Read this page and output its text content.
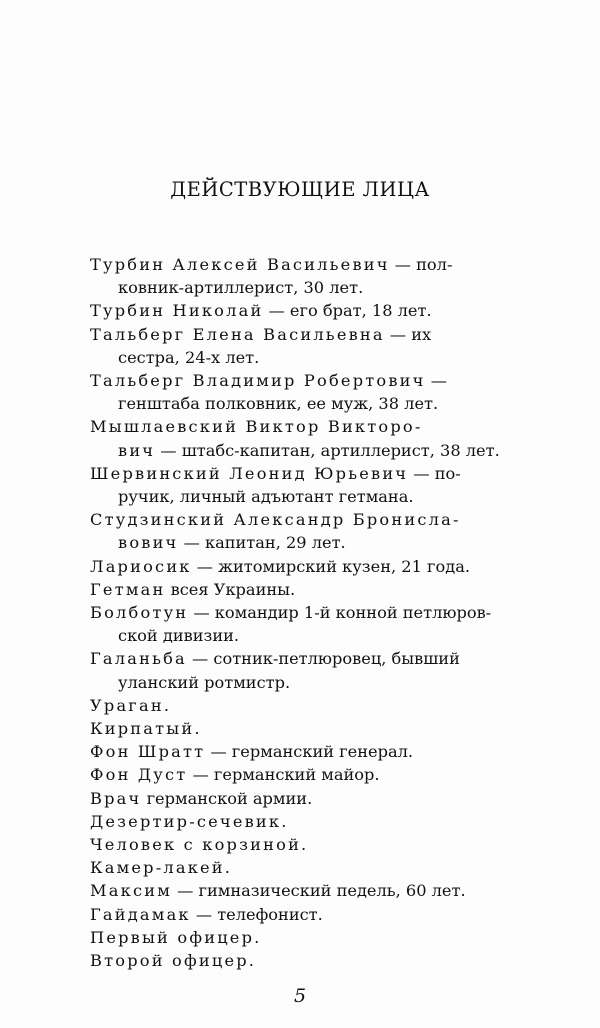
ДЕЙСТВУЮЩИЕ ЛИЦА
Турбин Алексей Васильевич — пол-
ковник-артиллерист, 30 лет.
Турбин Николай — его брат, 18 лет.
Тальберг Елена Васильевна — их
сестра, 24-х лет.
Тальберг Владимир Робертович —
генштаба полковник, ее муж, 38 лет.
Мышлаевский Виктор Викторо-
вич — штабс-капитан, артиллерист, 38 лет.
Шервинский Леонид Юрьевич — по-
ручик, личный адъютант гетмана.
Студзинский Александр Бронисла-
вович — капитан, 29 лет.
Лариосик — житомирский кузен, 21 года.
Гетман всея Украины.
Болботун — командир 1-й конной петлюров-
ской дивизии.
Галаньба — сотник-петлюровец, бывший
уланский ротмистр.
Ураган.
Кирпатый.
Фон Шратт — германский генерал.
Фон Дуст — германский майор.
Врач германской армии.
Дезертир-сечевик.
Человек с корзиной.
Камер-лакей.
Максим — гимназический педель, 60 лет.
Гайдамак — телефонист.
Первый офицер.
Второй офицер.
5
